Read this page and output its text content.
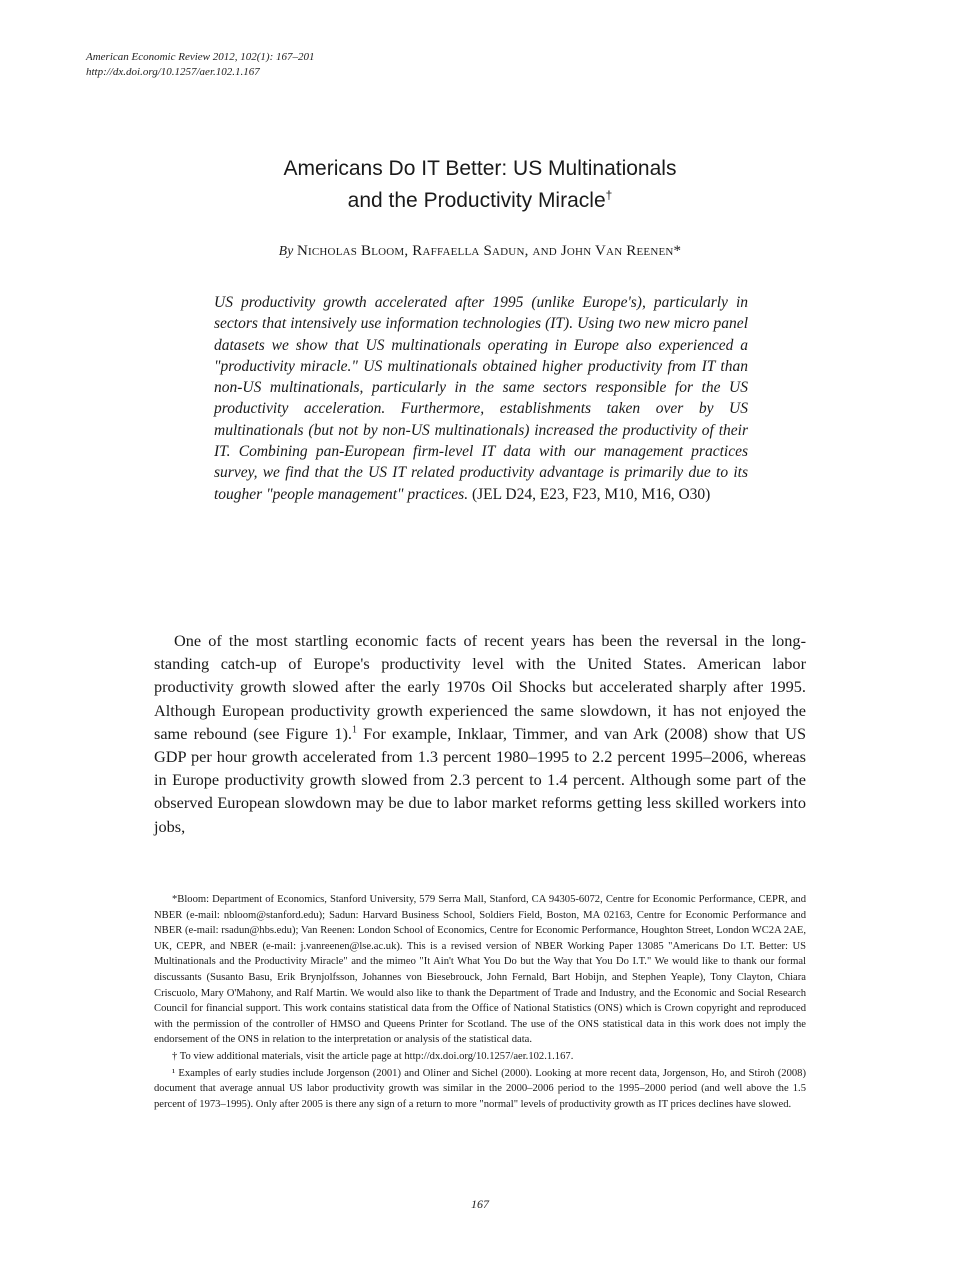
American Economic Review 2012, 102(1): 167–201
http://dx.doi.org/10.1257/aer.102.1.167
Americans Do IT Better: US Multinationals
and the Productivity Miracle†
By Nicholas Bloom, Raffaella Sadun, and John Van Reenen*
US productivity growth accelerated after 1995 (unlike Europe's), particularly in sectors that intensively use information technologies (IT). Using two new micro panel datasets we show that US multinationals operating in Europe also experienced a "productivity miracle." US multinationals obtained higher productivity from IT than non-US multinationals, particularly in the same sectors responsible for the US productivity acceleration. Furthermore, establishments taken over by US multinationals (but not by non-US multinationals) increased the productivity of their IT. Combining pan-European firm-level IT data with our management practices survey, we find that the US IT related productivity advantage is primarily due to its tougher "people management" practices. (JEL D24, E23, F23, M10, M16, O30)
One of the most startling economic facts of recent years has been the reversal in the long-standing catch-up of Europe's productivity level with the United States. American labor productivity growth slowed after the early 1970s Oil Shocks but accelerated sharply after 1995. Although European productivity growth experienced the same slowdown, it has not enjoyed the same rebound (see Figure 1).$^1$ For example, Inklaar, Timmer, and van Ark (2008) show that US GDP per hour growth accelerated from 1.3 percent 1980–1995 to 2.2 percent 1995–2006, whereas in Europe productivity growth slowed from 2.3 percent to 1.4 percent. Although some part of the observed European slowdown may be due to labor market reforms getting less skilled workers into jobs,

*Bloom: Department of Economics, Stanford University, 579 Serra Mall, Stanford, CA 94305-6072, Centre for Economic Performance, CEPR, and NBER (e-mail: nbloom@stanford.edu); Sadun: Harvard Business School, Soldiers Field, Boston, MA 02163, Centre for Economic Performance and NBER (e-mail: rsadun@hbs.edu); Van Reenen: London School of Economics, Centre for Economic Performance, Houghton Street, London WC2A 2AE, UK, CEPR, and NBER (e-mail: j.vanreenen@lse.ac.uk). This is a revised version of NBER Working Paper 13085 "Americans Do I.T. Better: US Multinationals and the Productivity Miracle" and the mimeo "It Ain't What You Do but the Way that You Do I.T." We would like to thank our formal discussants (Susanto Basu, Erik Brynjolfsson, Johannes von Biesebrouck, John Fernald, Bart Hobijn, and Stephen Yeaple), Tony Clayton, Chiara Criscuolo, Mary O'Mahony, and Ralf Martin. We would also like to thank the Department of Trade and Industry, and the Economic and Social Research Council for financial support. This work contains statistical data from the Office of National Statistics (ONS) which is Crown copyright and reproduced with the permission of the controller of HMSO and Queens Printer for Scotland. The use of the ONS statistical data in this work does not imply the endorsement of the ONS in relation to the interpretation or analysis of the statistical data.

† To view additional materials, visit the article page at http://dx.doi.org/10.1257/aer.102.1.167.

¹ Examples of early studies include Jorgenson (2001) and Oliner and Sichel (2000). Looking at more recent data, Jorgenson, Ho, and Stiroh (2008) document that average annual US labor productivity growth was similar in the 2000–2006 period to the 1995–2000 period (and well above the 1.5 percent of 1973–1995). Only after 2005 is there any sign of a return to more "normal" levels of productivity growth as IT prices declines have slowed.

167
